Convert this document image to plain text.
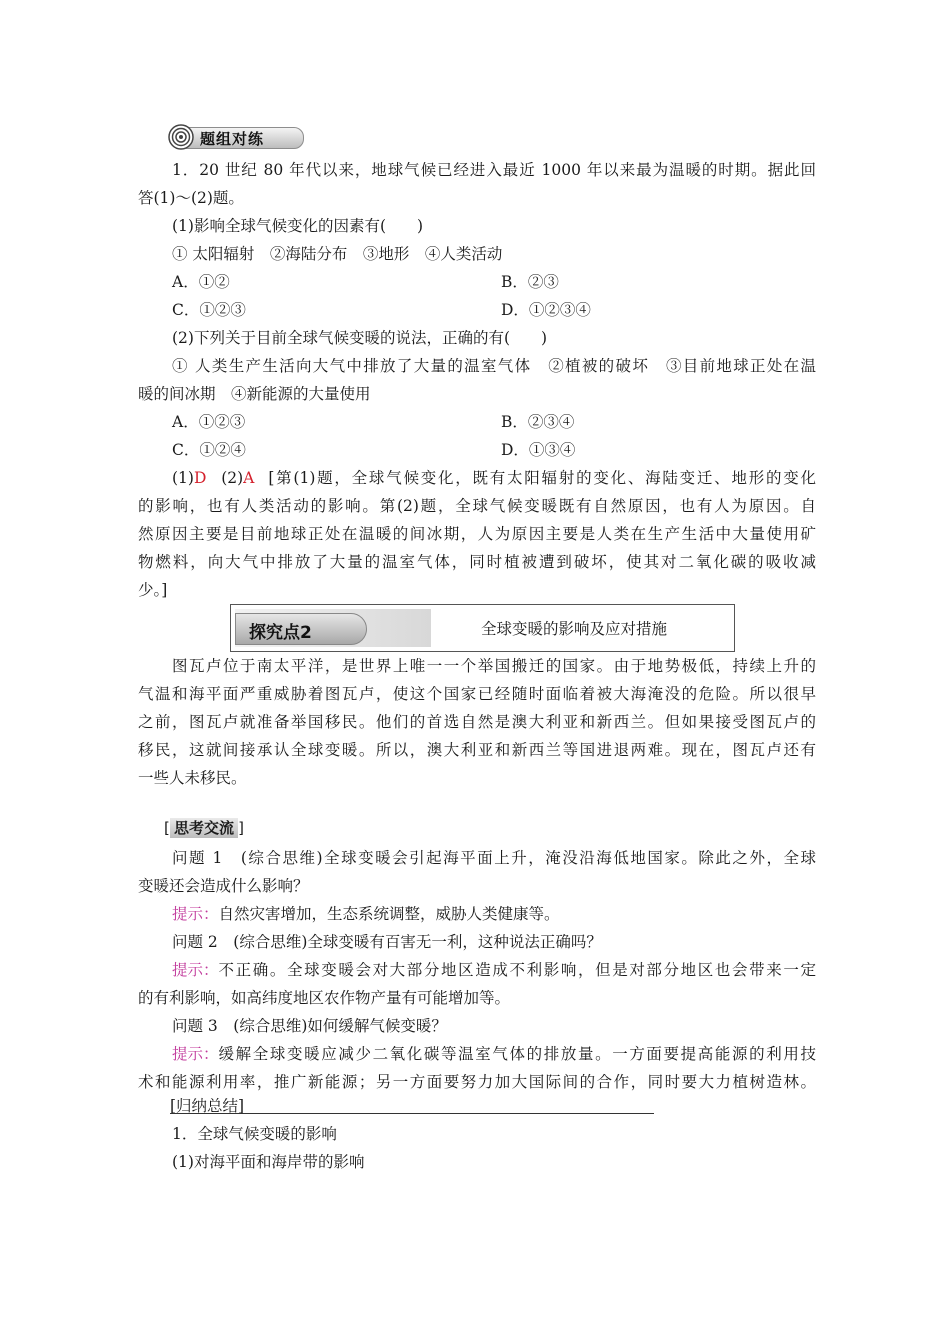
题组对练
1．20 世纪 80 年代以来，地球气候已经进入最近 1000 年以来最为温暖的时期。据此回
答(1)～(2)题。
(1)影响全球气候变化的因素有(　　)
① 太阳辐射　②海陆分布　③地形　④人类活动
A．①②	B．②③
C．①②③	D．①②③④
(2)下列关于目前全球气候变暖的说法，正确的有(　　)
① 人类生产生活向大气中排放了大量的温室气体　②植被的破坏　③目前地球正处在温
暖的间冰期　④新能源的大量使用
A．①②③	B．②③④
C．①②④	D．①③④
(1)D (2)A [第(1)题，全球气候变化，既有太阳辐射的变化、海陆变迁、地形的变化
的影响，也有人类活动的影响。第(2)题，全球气候变暖既有自然原因，也有人为原因。自
然原因主要是目前地球正处在温暖的间冰期，人为原因主要是人类在生产生活中大量使用矿
物燃料，向大气中排放了大量的温室气体，同时植被遭到破坏，使其对二氧化碳的吸收减
少。]
探究点2	全球变暖的影响及应对措施
图瓦卢位于南太平洋，是世界上唯一一个举国搬迁的国家。由于地势极低，持续上升的
气温和海平面严重威胁着图瓦卢，使这个国家已经随时面临着被大海淹没的危险。所以很早
之前，图瓦卢就准备举国移民。他们的首选自然是澳大利亚和新西兰。但如果接受图瓦卢的
移民，这就间接承认全球变暖。所以，澳大利亚和新西兰等国进退两难。现在，图瓦卢还有
一些人未移民。
[ 思考交流 ]
问题 1　(综合思维)全球变暖会引起海平面上升，淹没沿海低地国家。除此之外，全球
变暖还会造成什么影响？
提示：自然灾害增加，生态系统调整，威胁人类健康等。
问题 2　(综合思维)全球变暖有百害无一利，这种说法正确吗？
提示： 不正确。全球变暖会对大部分地区造成不利影响，但是对部分地区也会带来一定
的有利影响，如高纬度地区农作物产量有可能增加等。
问题 3　(综合思维)如何缓解气候变暖？
提示： 缓解全球变暖应减少二氧化碳等温室气体的排放量。一方面要提高能源的利用技
术和能源利用率，推广新能源；另一方面要努力加大国际间的合作，同时要大力植树造林。
[归纳总结]
1．全球气候变暖的影响
(1)对海平面和海岸带的影响
